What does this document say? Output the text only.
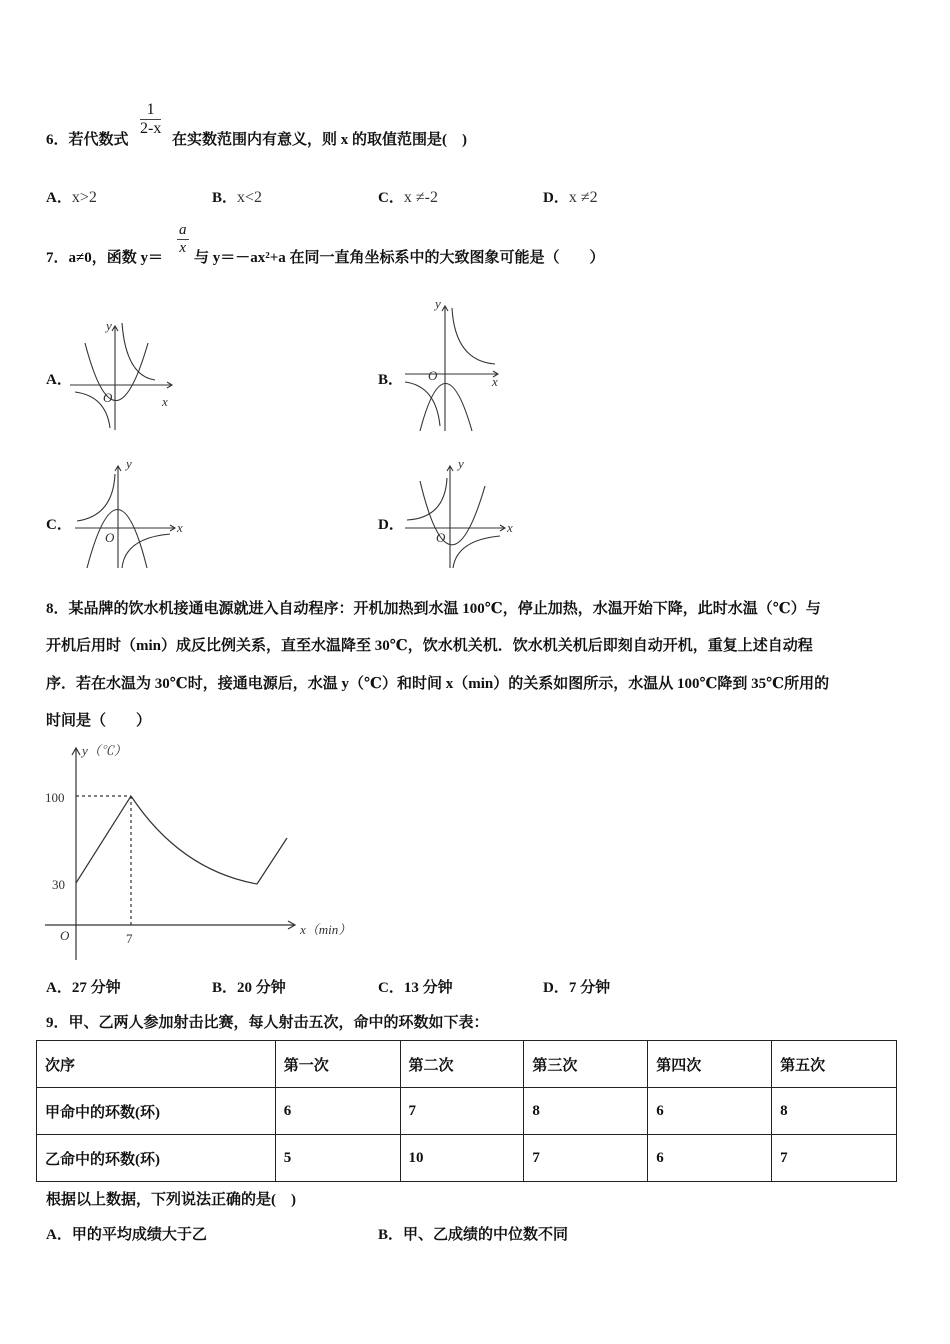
6．若代数式
$\frac{1}{2-x}$
在实数范围内有意义，则 x 的取值范围是(　)
A．x>2	B．x<2	C．x ≠-2	D．x ≠2
7．a≠0，函数 y＝
$\frac{a}{x}$
与 y＝－ax²+a 在同一直角坐标系中的大致图象可能是（　　）
A．	B．
C．	D．
y
x
O
y
x
O
y
x
O
y
x
O
8．某品牌的饮水机接通电源就进入自动程序：开机加热到水温 100℃，停止加热，水温开始下降，此时水温（℃）与
开机后用时（min）成反比例关系，直至水温降至 30℃，饮水机关机．饮水机关机后即刻自动开机，重复上述自动程
序．若在水温为 30℃时，接通电源后，水温 y（℃）和时间 x（min）的关系如图所示，水温从 100℃降到 35℃所用的
时间是（　　）
y（℃）
x（min）
100
30
7
O
A．27 分钟	B．20 分钟	C．13 分钟	D．7 分钟
9．甲、乙两人参加射击比赛，每人射击五次，命中的环数如下表：
次序	第一次	第二次	第三次	第四次	第五次
甲命中的环数(环)	6	7	8	6	8
乙命中的环数(环)	5	10	7	6	7
根据以上数据，下列说法正确的是(　)
A．甲的平均成绩大于乙	B．甲、乙成绩的中位数不同
